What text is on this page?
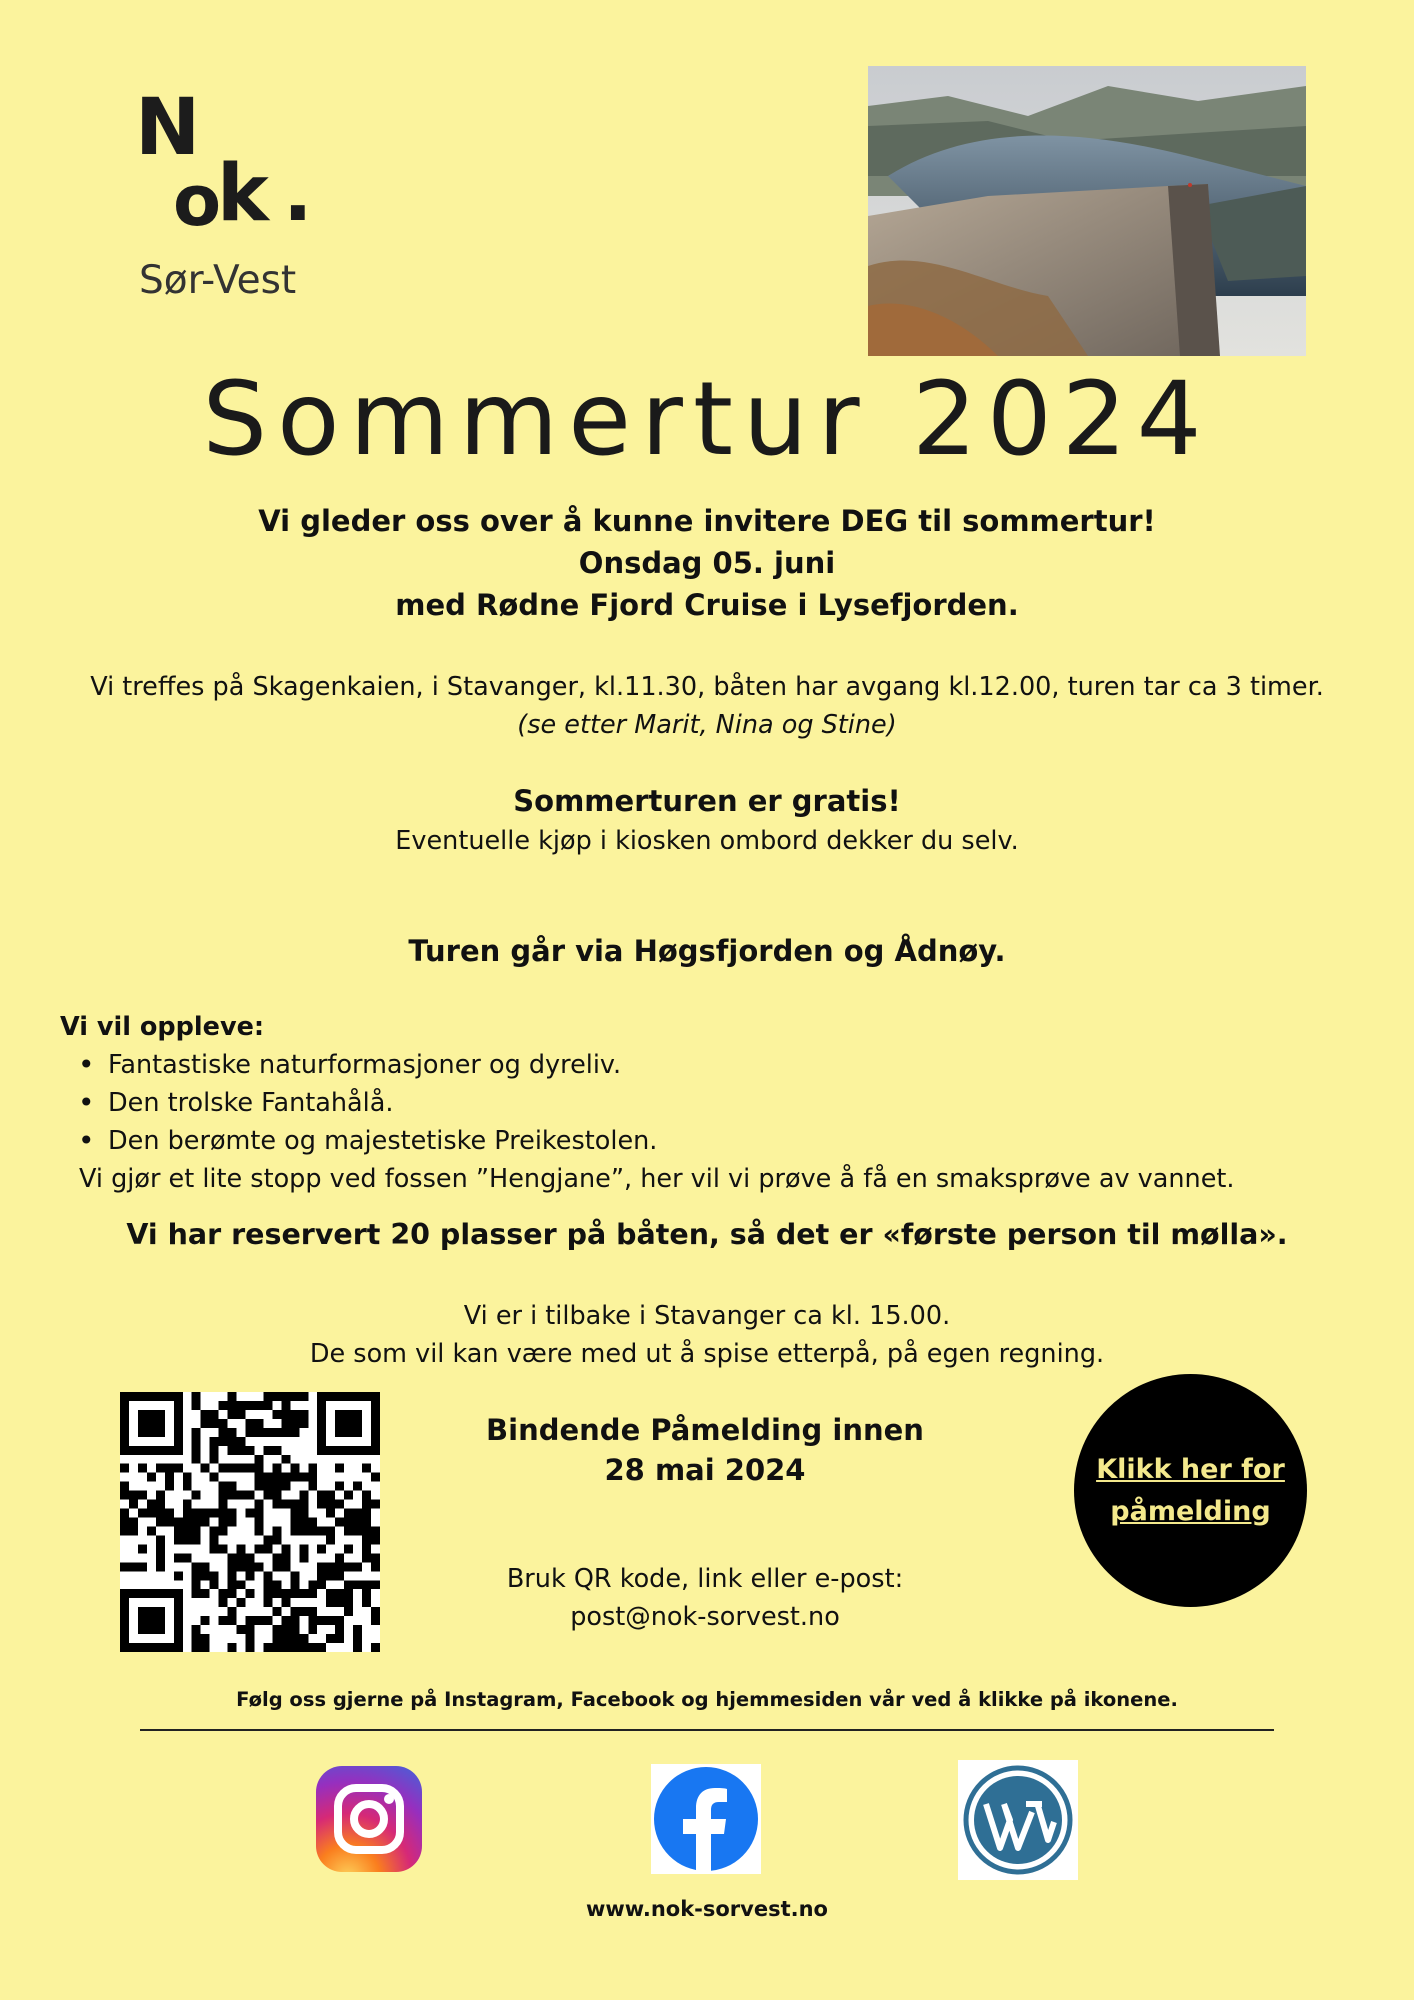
N
o
k .
Sør-Vest
Sommertur 2024
Vi gleder oss over å kunne invitere DEG til sommertur!
Onsdag 05. juni
med Rødne Fjord Cruise i Lysefjorden.
Vi treffes på Skagenkaien, i Stavanger, kl.11.30, båten har avgang kl.12.00, turen tar ca 3 timer.
(se etter Marit, Nina og Stine)
Sommerturen er gratis!
Eventuelle kjøp i kiosken ombord dekker du selv.
Turen går via Høgsfjorden og Ådnøy.
Vi vil oppleve:
• Fantastiske naturformasjoner og dyreliv.
• Den trolske Fantahålå.
• Den berømte og majestetiske Preikestolen.
Vi gjør et lite stopp ved fossen ”Hengjane”, her vil vi prøve å få en smaksprøve av vannet.
Vi har reservert 20 plasser på båten, så det er «første person til mølla».
Vi er i tilbake i Stavanger ca kl. 15.00.
De som vil kan være med ut å spise etterpå, på egen regning.
Bindende Påmelding innen
28 mai 2024
Bruk QR kode, link eller e-post:
post@nok-sorvest.no
Klikk her for
påmelding
Følg oss gjerne på Instagram, Facebook og hjemmesiden vår ved å klikke på ikonene.
www.nok-sorvest.no
